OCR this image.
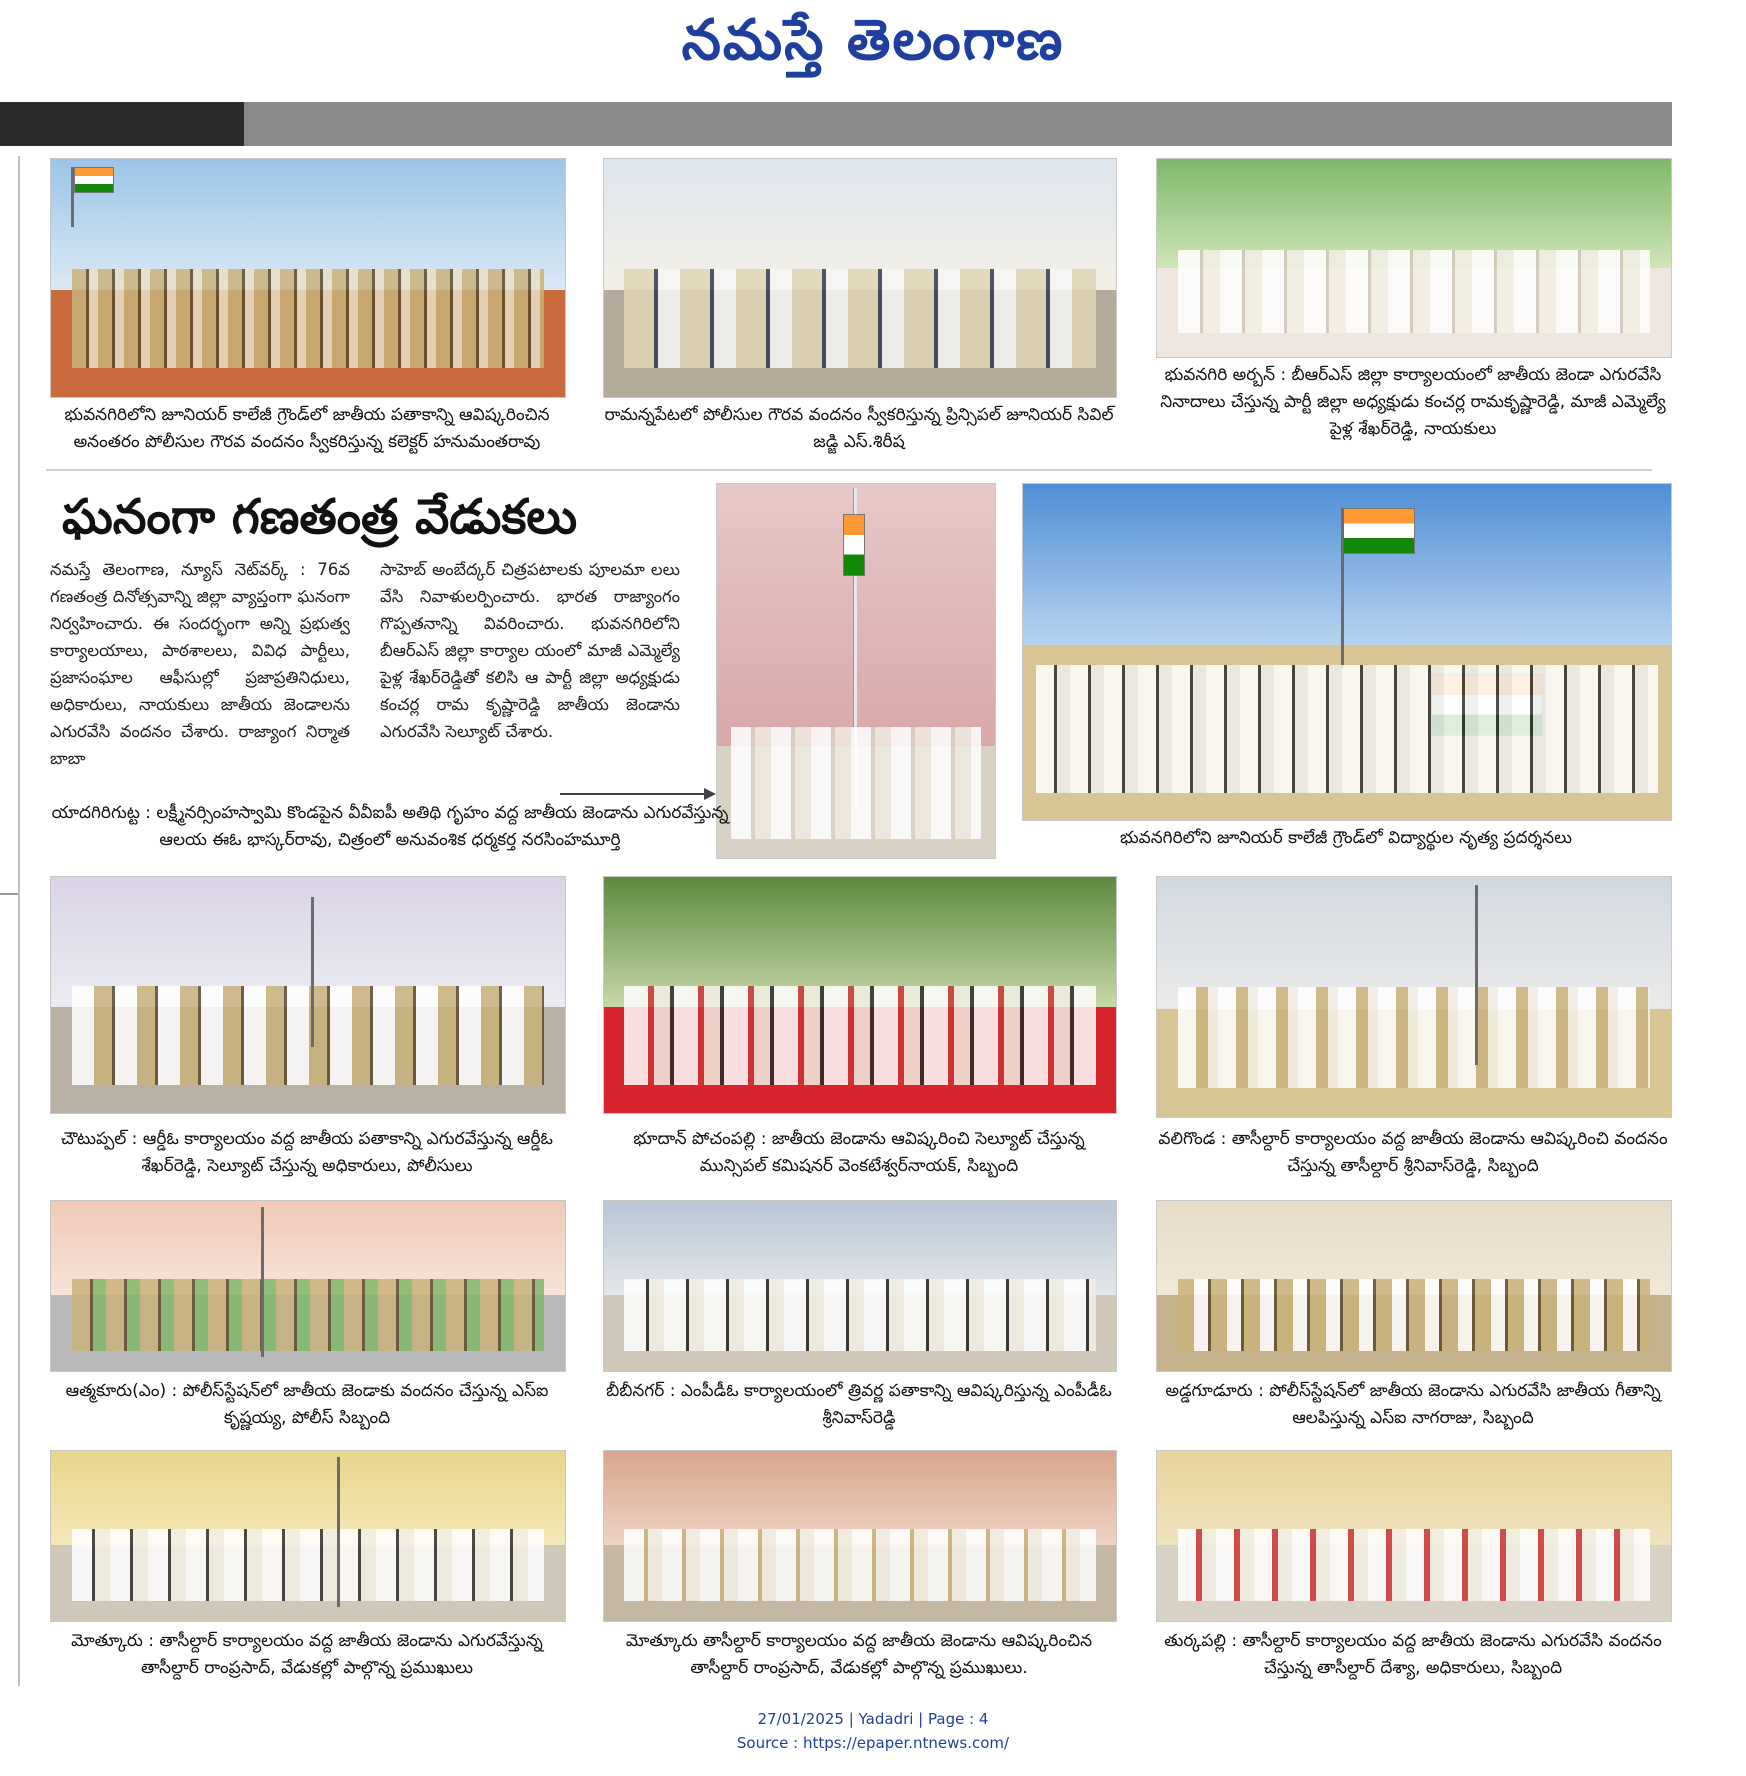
నమస్తే తెలంగాణ
భువనగిరిలోని జూనియర్ కాలేజీ గ్రౌండ్‌లో జాతీయ పతాకాన్ని ఆవిష్కరించిన అనంతరం పోలీసుల గౌరవ వందనం స్వీకరిస్తున్న కలెక్టర్ హనుమంతరావు
రామన్నపేటలో పోలీసుల గౌరవ వందనం స్వీకరిస్తున్న ప్రిన్సిపల్ జూనియర్ సివిల్ జడ్జి ఎస్.శిరీష
భువనగిరి అర్బన్ : బీఆర్ఎస్ జిల్లా కార్యాలయంలో జాతీయ జెండా ఎగురవేసి నినాదాలు చేస్తున్న పార్టీ జిల్లా అధ్యక్షుడు కంచర్ల రామకృష్ణారెడ్డి, మాజీ ఎమ్మెల్యే పైళ్ల శేఖర్‌రెడ్డి, నాయకులు
ఘనంగా గణతంత్ర వేడుకలు
నమస్తే తెలంగాణ, న్యూస్ నెట్‌వర్క్ : 76వ గణతంత్ర దినోత్సవాన్ని జిల్లా వ్యాప్తంగా ఘనంగా నిర్వహించారు. ఈ సందర్భంగా అన్ని ప్రభుత్వ కార్యాలయాలు, పాఠశాలలు, వివిధ పార్టీలు, ప్రజాసంఘాల ఆఫీసుల్లో ప్రజాప్రతినిధులు, అధికారులు, నాయకులు జాతీయ జెండాలను ఎగురవేసి వందనం చేశారు. రాజ్యాంగ నిర్మాత బాబా
సాహెబ్ అంబేద్కర్ చిత్రపటాలకు పూలమా లలు వేసి నివాళులర్పించారు. భారత రాజ్యాంగం గొప్పతనాన్ని వివరించారు. భువనగిరిలోని బీఆర్ఎస్ జిల్లా కార్యాల యంలో మాజీ ఎమ్మెల్యే పైళ్ల శేఖర్‌రెడ్డితో కలిసి ఆ పార్టీ జిల్లా అధ్యక్షుడు కంచర్ల రామ కృష్ణారెడ్డి జాతీయ జెండాను ఎగురవేసి సెల్యూట్ చేశారు.
యాదగిరిగుట్ట : లక్ష్మీనర్సింహస్వామి కొండపైన వీవీఐపీ అతిథి గృహం వద్ద జాతీయ జెండాను ఎగురవేస్తున్న ఆలయ ఈఓ భాస్కర్‌రావు, చిత్రంలో అనువంశిక ధర్మకర్త నరసింహమూర్తి	భువనగిరిలోని జూనియర్ కాలేజీ గ్రౌండ్‌లో విద్యార్థుల నృత్య ప్రదర్శనలు
చౌటుప్పల్ : ఆర్డీఓ కార్యాలయం వద్ద జాతీయ పతాకాన్ని ఎగురవేస్తున్న ఆర్డీఓ శేఖర్‌రెడ్డి, సెల్యూట్ చేస్తున్న అధికారులు, పోలీసులు
భూదాన్ పోచంపల్లి : జాతీయ జెండాను ఆవిష్కరించి సెల్యూట్ చేస్తున్న మున్సిపల్ కమిషనర్ వెంకటేశ్వర్‌నాయక్, సిబ్బంది
వలిగొండ : తాసీల్దార్ కార్యాలయం వద్ద జాతీయ జెండాను ఆవిష్కరించి వందనం చేస్తున్న తాసీల్దార్ శ్రీనివాస్‌రెడ్డి, సిబ్బంది
ఆత్మకూరు(ఎం) : పోలీస్‌స్టేషన్‌లో జాతీయ జెండాకు వందనం చేస్తున్న ఎస్ఐ కృష్ణయ్య, పోలీస్ సిబ్బంది
బీబీనగర్ : ఎంపీడీఓ కార్యాలయంలో త్రివర్ణ పతాకాన్ని ఆవిష్కరిస్తున్న ఎంపీడీఓ శ్రీనివాస్‌రెడ్డి
అడ్డగూడూరు : పోలీస్‌స్టేషన్‌లో జాతీయ జెండాను ఎగురవేసి జాతీయ గీతాన్ని ఆలపిస్తున్న ఎస్ఐ నాగరాజు, సిబ్బంది
మోత్కూరు : తాసీల్దార్ కార్యాలయం వద్ద జాతీయ జెండాను ఎగురవేస్తున్న తాసీల్దార్ రాంప్రసాద్, వేడుకల్లో పాల్గొన్న ప్రముఖులు
మోత్కూరు తాసీల్దార్ కార్యాలయం వద్ద జాతీయ జెండాను ఆవిష్కరించిన తాసీల్దార్ రాంప్రసాద్, వేడుకల్లో పాల్గొన్న ప్రముఖులు.
తుర్కపల్లి : తాసీల్దార్ కార్యాలయం వద్ద జాతీయ జెండాను ఎగురవేసి వందనం చేస్తున్న తాసీల్దార్ దేశ్యా, అధికారులు, సిబ్బంది
27/01/2025 | Yadadri | Page : 4
Source : https://epaper.ntnews.com/
